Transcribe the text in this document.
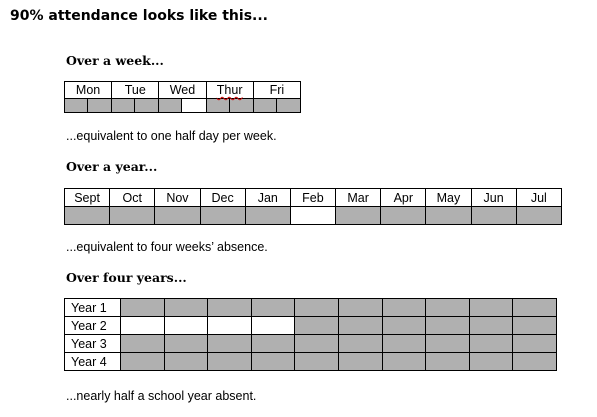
90% attendance looks like this...
Over a week...
Mon		Tue		Wed		Thur		Fri	

...equivalent to one half day per week.
Over a year...
Sept	Oct	Nov	Dec	Jan	Feb	Mar	Apr	May	Jun	Jul

...equivalent to four weeks’ absence.
Over four years...
Year 1										
Year 2										
Year 3										
Year 4										
...nearly half a school year absent.
